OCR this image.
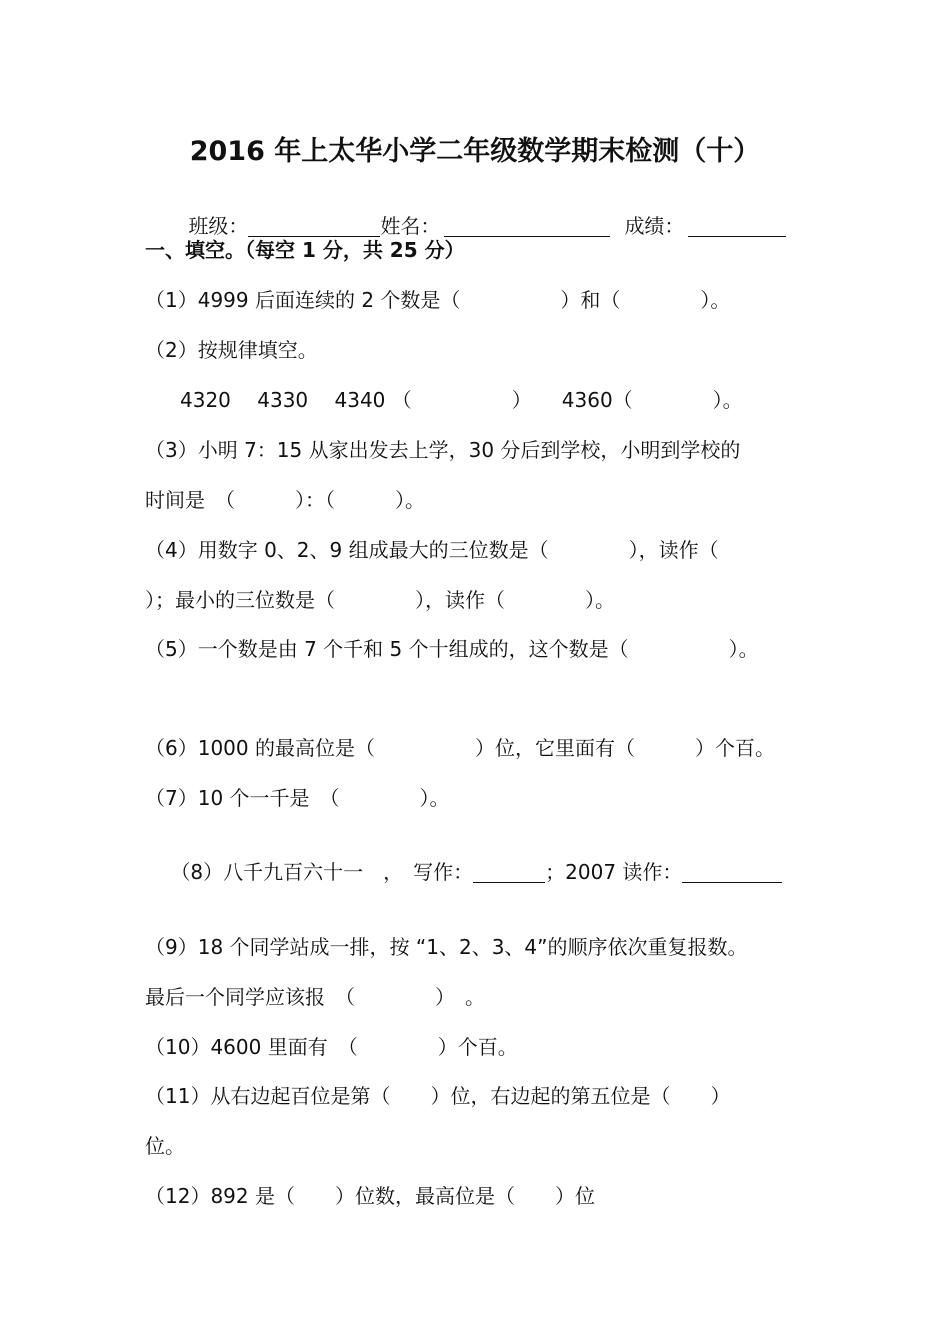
2016 年上太华小学二年级数学期末检测（十）

班级：	姓名：	成绩：

一、填空。（每空 1 分，共 25 分）
（1）4999 后面连续的 2 个数是（　　　　　）和（　　　　）。
（2）按规律填空。
4320　 4330　 4340 （　　　　　）　　4360（　　　　）。
（3）小明 7：15 从家出发去上学，30 分后到学校，小明到学校的
时间是　（　　　）：（　　　）。
（4）用数字 0、2、9 组成最大的三位数是（　　　　），读作（
）；最小的三位数是（　　　　），读作（　　　　）。
（5）一个数是由 7 个千和 5 个十组成的，这个数是（　　　　　）。
（6）1000 的最高位是（　　　　　）位，它里面有（　　　）个百。
（7）10 个一千是　（　　　　）。

（8）八千九百六十一　，　写作：	；2007 读作：

（9）18 个同学站成一排，按 “1、2、3、4”的顺序依次重复报数。
最后一个同学应该报　（　　　　）　。
（10）4600 里面有　（　　　　）个百。
（11）从右边起百位是第（　　）位，右边起的第五位是（　　）
位。
（12）892 是（　　）位数，最高位是（　　）位
